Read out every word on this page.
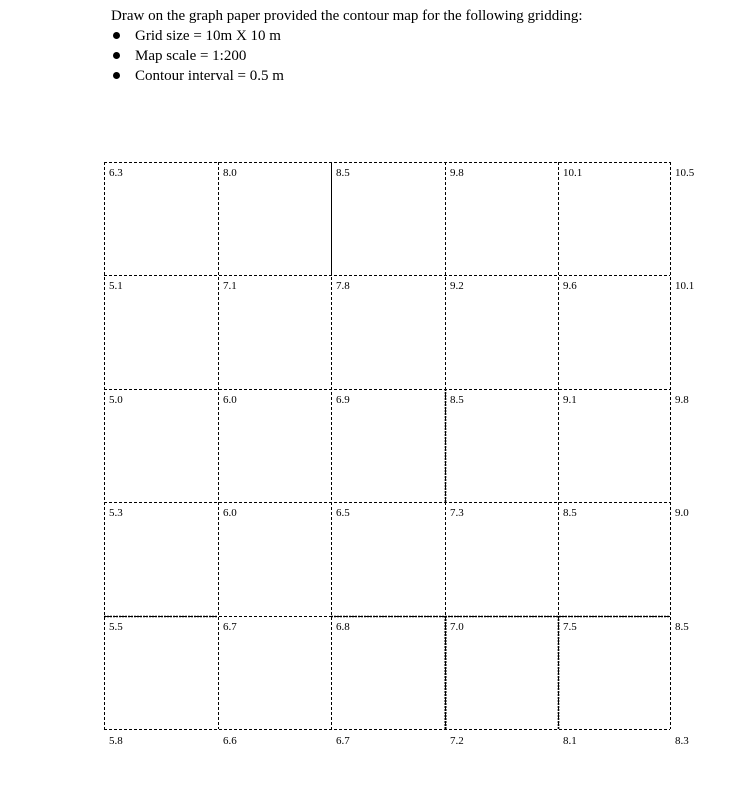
Draw on the graph paper provided the contour map for the following gridding:
Grid size = 10m X 10 m
Map scale = 1:200
Contour interval = 0.5 m
6.3	8.0	8.5	9.8	10.1	10.5
5.1	7.1	7.8	9.2	9.6	10.1
5.0	6.0	6.9	8.5	9.1	9.8
5.3	6.0	6.5	7.3	8.5	9.0
5.5	6.7	6.8	7.0	7.5	8.5
5.8	6.6	6.7	7.2	8.1	8.3
